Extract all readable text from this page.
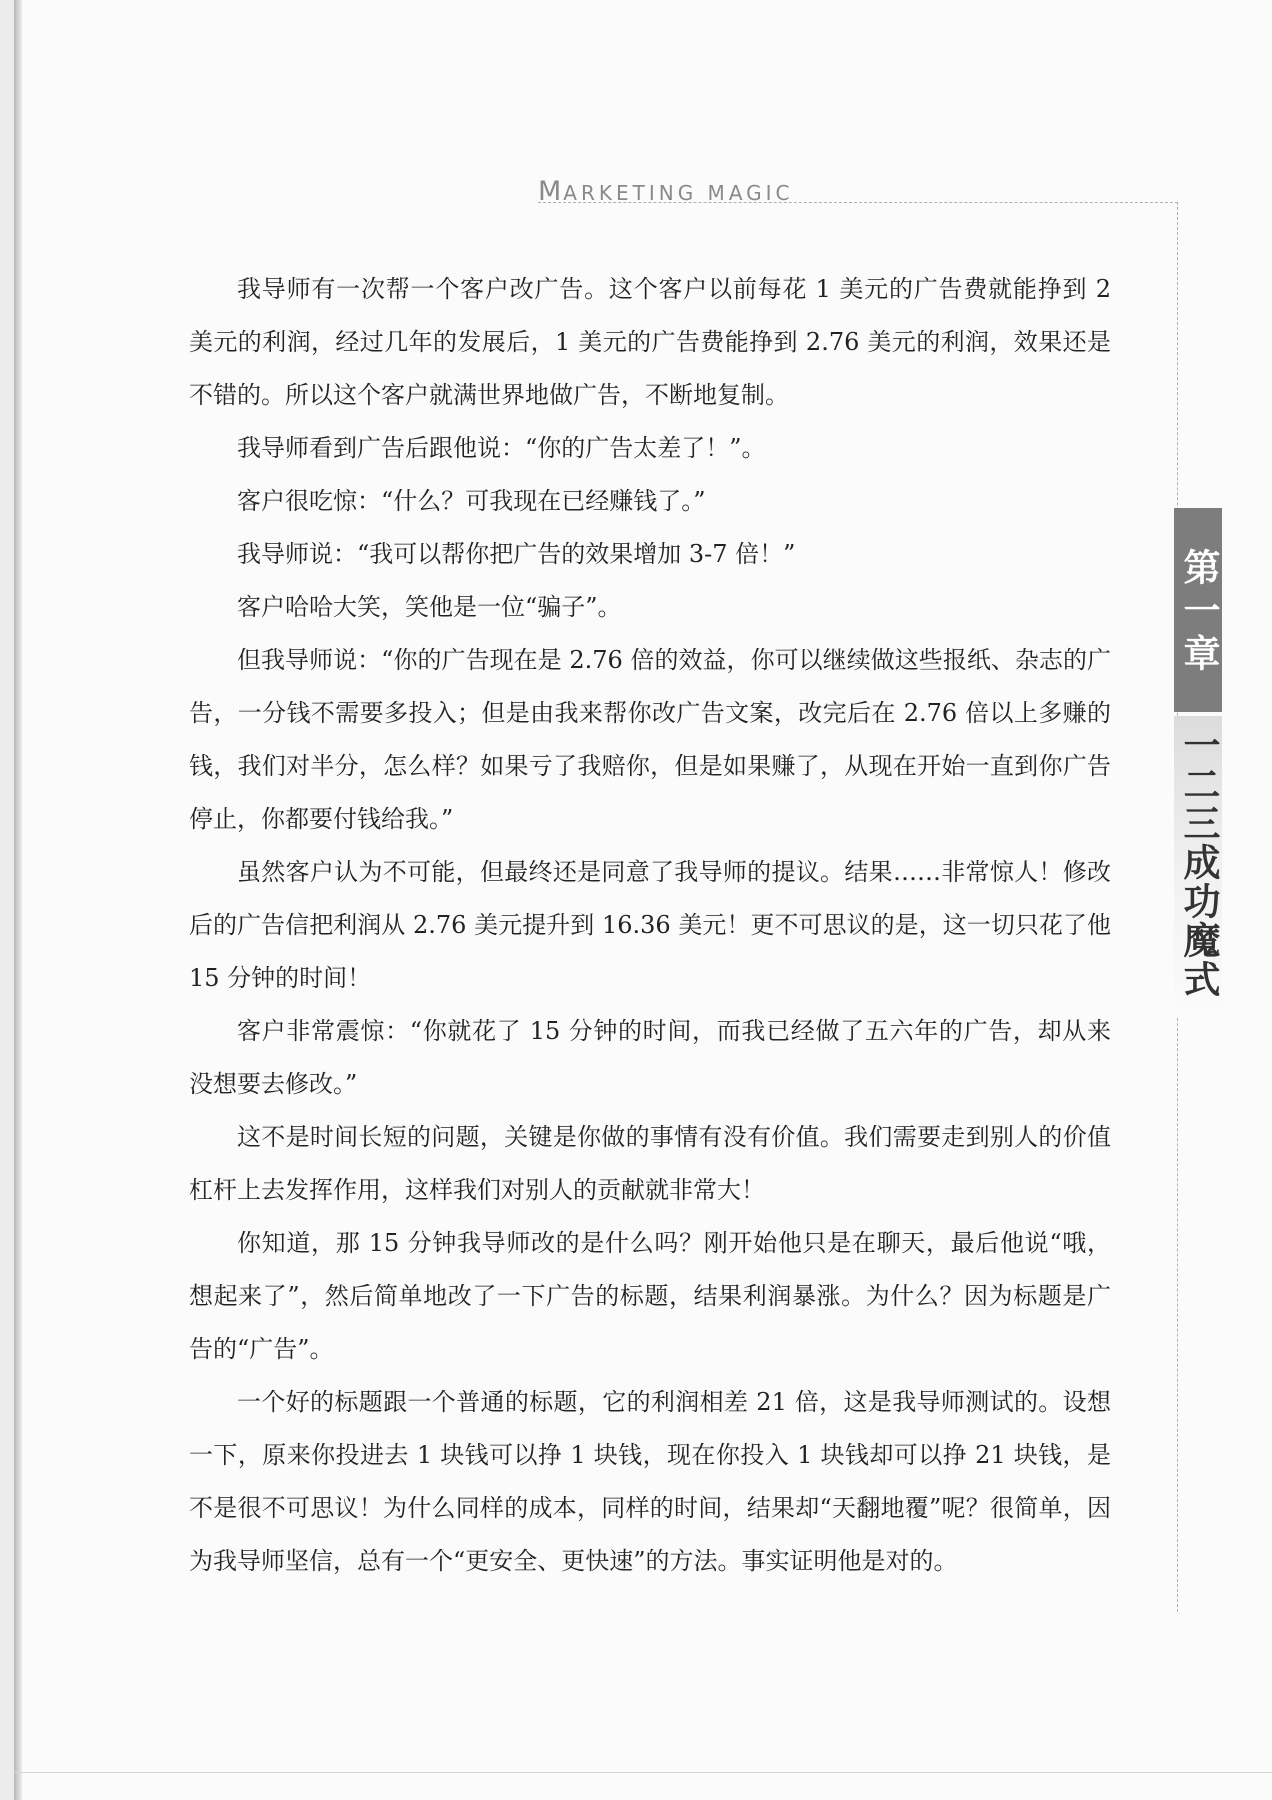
MARKETING MAGIC
第一章
一二三成功魔式

我导师有一次帮一个客户改广告。这个客户以前每花 1 美元的广告费就能挣到 2 美元的利润，经过几年的发展后，1 美元的广告费能挣到 2.76 美元的利润，效果还是不错的。所以这个客户就满世界地做广告，不断地复制。

我导师看到广告后跟他说：“你的广告太差了！”。

客户很吃惊：“什么？可我现在已经赚钱了。”

我导师说：“我可以帮你把广告的效果增加 3-7 倍！”

客户哈哈大笑，笑他是一位“骗子”。

但我导师说：“你的广告现在是 2.76 倍的效益，你可以继续做这些报纸、杂志的广告，一分钱不需要多投入；但是由我来帮你改广告文案，改完后在 2.76 倍以上多赚的钱，我们对半分，怎么样？如果亏了我赔你，但是如果赚了，从现在开始一直到你广告停止，你都要付钱给我。”

虽然客户认为不可能，但最终还是同意了我导师的提议。结果……非常惊人！修改后的广告信把利润从 2.76 美元提升到 16.36 美元！更不可思议的是，这一切只花了他 15 分钟的时间！

客户非常震惊：“你就花了 15 分钟的时间，而我已经做了五六年的广告，却从来没想要去修改。”

这不是时间长短的问题，关键是你做的事情有没有价值。我们需要走到别人的价值杠杆上去发挥作用，这样我们对别人的贡献就非常大！

你知道，那 15 分钟我导师改的是什么吗？刚开始他只是在聊天，最后他说“哦，想起来了”，然后简单地改了一下广告的标题，结果利润暴涨。为什么？因为标题是广告的“广告”。

一个好的标题跟一个普通的标题，它的利润相差 21 倍，这是我导师测试的。设想一下，原来你投进去 1 块钱可以挣 1 块钱，现在你投入 1 块钱却可以挣 21 块钱，是不是很不可思议！为什么同样的成本，同样的时间，结果却“天翻地覆”呢？很简单，因为我导师坚信，总有一个“更安全、更快速”的方法。事实证明他是对的。
